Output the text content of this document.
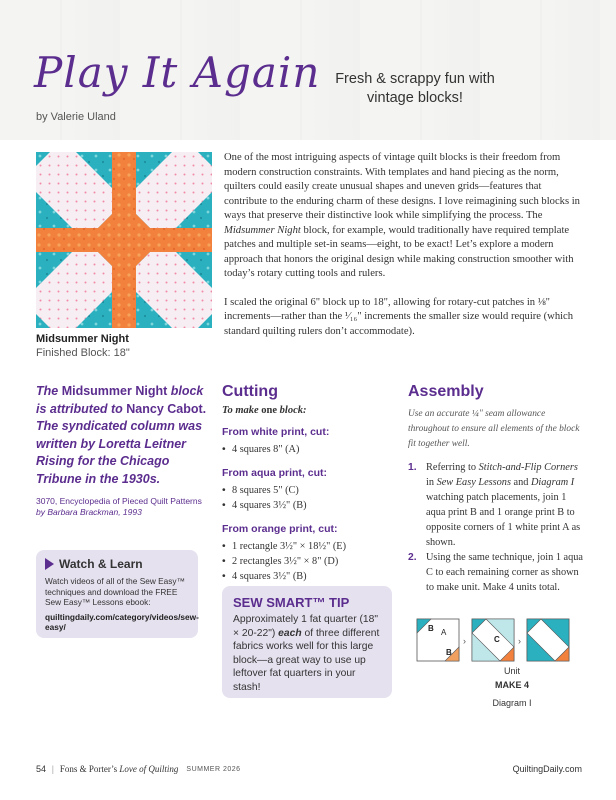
Play It Again
by Valerie Uland
Fresh & scrappy fun with vintage blocks!
Midsummer Night
Finished Block: 18"

One of the most intriguing aspects of vintage quilt blocks is their freedom from modern construction constraints. With templates and hand piecing as the norm, quilters could easily create unusual shapes and uneven grids—features that contribute to the enduring charm of these designs. I love reimagining such blocks in ways that preserve their distinctive look while simplifying the process. The Midsummer Night block, for example, would traditionally have required template patches and multiple set-in seams—eight, to be exact! Let’s explore a modern approach that honors the original design while making construction smoother with today’s rotary cutting tools and rulers.

I scaled the original 6" block up to 18", allowing for rotary-cut patches in ⅛" increments—rather than the ¹⁄₁₆" increments the smaller size would require (which standard quilting rulers don’t accommodate).

The Midsummer Night block is attributed to Nancy Cabot. The syndicated column was written by Loretta Leitner Rising for the Chicago Tribune in the 1930s.
3070, Encyclopedia of Pieced Quilt Patterns
by Barbara Brackman, 1993
Watch & Learn
Watch videos of all of the Sew Easy™ techniques and download the FREE Sew Easy™ Lessons ebook:
quiltingdaily.com/category/videos/sew-easy/
Cutting
To make one block:
From white print, cut:
• 4 squares 8" (A)
From aqua print, cut:
• 8 squares 5" (C)
• 4 squares 3½" (B)
From orange print, cut:
• 1 rectangle 3½" × 18½" (E)
• 2 rectangles 3½" × 8" (D)
• 4 squares 3½" (B)
SEW SMART™ TIP
Approximately 1 fat quarter (18" × 20-22") each of three different fabrics works well for this large block—a great way to use up leftover fat quarters in your stash!
Assembly
Use an accurate ¼" seam allowance throughout to ensure all elements of the block fit together well.
1. Referring to Stitch-and-Flip Corners in Sew Easy Lessons and Diagram I watching patch placements, join 1 aqua print B and 1 orange print B to opposite corners of 1 white print A as shown.
2. Using the same technique, join 1 aqua C to each remaining corner as shown to make unit. Make 4 units total.
B A
B
›	C ›
Unit
MAKE 4
Diagram I
54 | Fons & Porter’s Love of Quilting SUMMER 2026	QuiltingDaily.com
